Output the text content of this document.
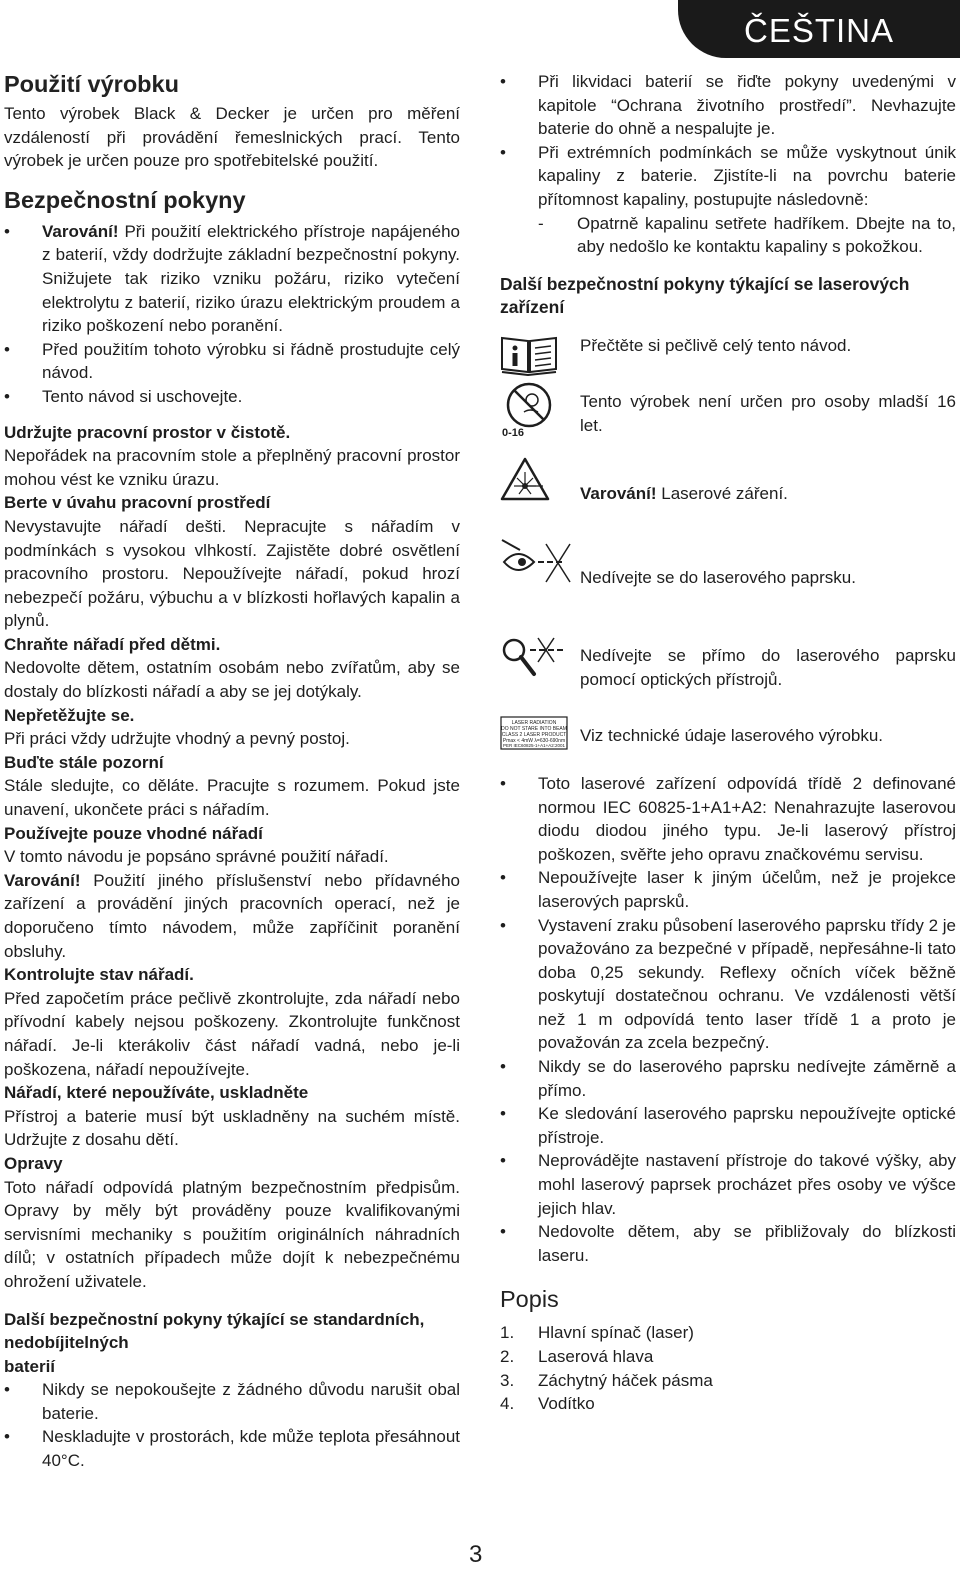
ČEŠTINA
Použití výrobku

Tento výrobek Black & Decker je určen pro měření vzdáleností při provádění řemeslnických prací. Tento výrobek je určen pouze pro spotřebitelské použití.

Bezpečnostní pokyny
• Varování! Při použití elektrického přístroje napájeného z baterií, vždy dodržujte základní bezpečnostní pokyny. Snižujete tak riziko vzniku požáru, riziko vytečení elektrolytu z baterií, riziko úrazu elektrickým proudem a riziko poškození nebo poranění.
• Před použitím tohoto výrobku si řádně prostudujte celý návod.
• Tento návod si uschovejte.
Udržujte pracovní prostor v čistotě.

Nepořádek na pracovním stole a přeplněný pracovní prostor mohou vést ke vzniku úrazu.

Berte v úvahu pracovní prostředí

Nevystavujte nářadí dešti. Nepracujte s nářadím v podmínkách s vysokou vlhkostí. Zajistěte dobré osvětlení pracovního prostoru. Nepoužívejte nářadí, pokud hrozí nebezpečí požáru, výbuchu a v blízkosti hořlavých kapalin a plynů.

Chraňte nářadí před dětmi.

Nedovolte dětem, ostatním osobám nebo zvířatům, aby se dostaly do blízkosti nářadí a aby se jej dotýkaly.

Nepřetěžujte se.

Při práci vždy udržujte vhodný a pevný postoj.

Buďte stále pozorní

Stále sledujte, co děláte. Pracujte s rozumem. Pokud jste unavení, ukončete práci s nářadím.

Používejte pouze vhodné nářadí

V tomto návodu je popsáno správné použití nářadí.

Varování! Použití jiného příslušenství nebo přídavného zařízení a provádění jiných pracovních operací, než je doporučeno tímto návodem, může zapříčinit poranění obsluhy.

Kontrolujte stav nářadí.

Před započetím práce pečlivě zkontrolujte, zda nářadí nebo přívodní kabely nejsou poškozeny. Zkontrolujte funkčnost nářadí. Je-li kterákoliv část nářadí vadná, nebo je-li poškozena, nářadí nepoužívejte.

Nářadí, které nepoužíváte, uskladněte

Přístroj a baterie musí být uskladněny na suchém místě. Udržujte z dosahu dětí.

Opravy

Toto nářadí odpovídá platným bezpečnostním předpisům. Opravy by měly být prováděny pouze kvalifikovanými servisními mechaniky s použitím originálních náhradních dílů; v ostatních případech může dojít k nebezpečnému ohrožení uživatele.

Další bezpečnostní pokyny týkající se standardních, nedobíjitelných
baterií
• Nikdy se nepokoušejte z žádného důvodu narušit obal baterie.
• Neskladujte v prostorách, kde může teplota přesáhnout 40°C.
• Při likvidaci baterií se řiďte pokyny uvedenými v kapitole “Ochrana životního prostředí”. Nevhazujte baterie do ohně a nespalujte je.
• Při extrémních podmínkách se může vyskytnout únik kapaliny z baterie. Zjistíte-li na povrchu baterie přítomnost kapaliny, postupujte následovně:
- Opatrně kapalinu setřete hadříkem. Dbejte na to, aby nedošlo ke kontaktu kapaliny s pokožkou.
Další bezpečnostní pokyny týkající se laserových zařízení
Přečtěte si pečlivě celý tento návod.
0-16
Tento výrobek není určen pro osoby mladší 16 let.
Varování! Laserové záření.
Nedívejte se do laserového paprsku.
Nedívejte se přímo do laserového paprsku pomocí optických přístrojů.
LASER RADIATION
DO NOT STARE INTO BEAM
CLASS 2 LASER PRODUCT
Pmax < 4mW λ=630-690nm
PER IEC60825-1+A1+A2:2001
Viz technické údaje laserového výrobku.
• Toto laserové zařízení odpovídá třídě 2 definované normou IEC 60825-1+A1+A2: Nenahrazujte laserovou diodu diodou jiného typu. Je-li laserový přístroj poškozen, svěřte jeho opravu značkovému servisu.
• Nepoužívejte laser k jiným účelům, než je projekce laserových paprsků.
• Vystavení zraku působení laserového paprsku třídy 2 je považováno za bezpečné v případě, nepřesáhne-li tato doba 0,25 sekundy. Reflexy očních víček běžně poskytují dostatečnou ochranu. Ve vzdálenosti větší než 1 m odpovídá tento laser třídě 1 a proto je považován za zcela bezpečný.
• Nikdy se do laserového paprsku nedívejte záměrně a přímo.
• Ke sledování laserového paprsku nepoužívejte optické přístroje.
• Neprovádějte nastavení přístroje do takové výšky, aby mohl laserový paprsek procházet přes osoby ve výšce jejich hlav.
• Nedovolte dětem, aby se přibližovaly do blízkosti laseru.
Popis
1. Hlavní spínač (laser)
2. Laserová hlava
3. Záchytný háček pásma
4. Vodítko
3
